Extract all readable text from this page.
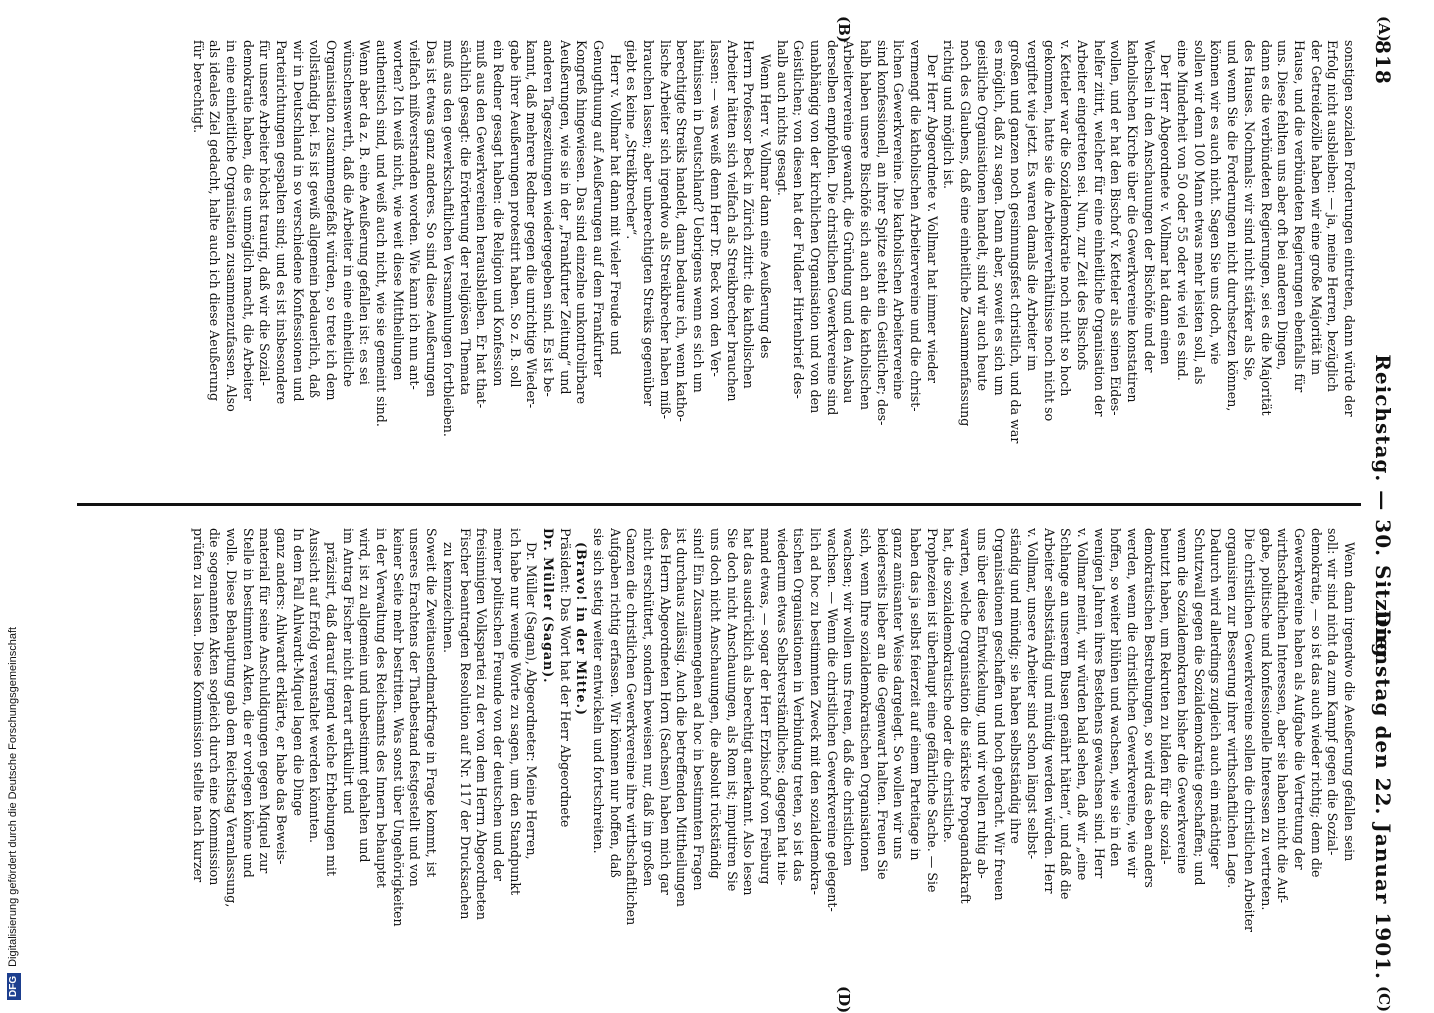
818
Reichstag. — 30. Sitzung.
Dienstag den 22. Januar 1901.
(A)
(B)
(C)
(D)
sonstigen sozialen Forderungen eintreten, dann würde der
Erfolg nicht ausbleiben: — ja, meine Herren, bezüglich
der Getreidezölle haben wir eine große Majorität im
Hause, und die verbündeten Regierungen ebenfalls für
uns. Diese fehlten uns aber oft bei anderen Dingen,
dann es die verbündeten Regierungen, sei es die Majorität
des Hauses. Nochmals: wir sind nicht stärker als Sie,
und wenn Sie die Forderungen nicht durchsetzen können,
können wir es auch nicht. Sagen Sie uns doch, wie
sollen wir denn 100 Mann etwas mehr leisten soll, als
eine Minderheit von 50 oder 55 oder wie viel es sind.
Der Herr Abgeordnete v. Vollmar hat dann einen
Wechsel in den Anschauungen der Bischöfe und der
katholischen Kirche über die Gewerkvereine konstatiren
wollen, und er hat den Bischof v. Ketteler als seinen Eides-
helfer zitirt, welcher für eine einheitliche Organisation der
Arbeiter eingetreten sei. Nun, zur Zeit des Bischofs
v. Ketteler war die Sozialdemokratie noch nicht so hoch
gekommen, hatte sie die Arbeiterverhältnisse noch nicht so
vergiftet wie jetzt. Es waren damals die Arbeiter im
großen und ganzen noch gesinnungsfest christlich, und da war
es möglich, daß zu sagen. Dann aber, soweit es sich um
geistliche Organisationen handelt, sind wir auch heute
noch des Glaubens, daß eine einheitliche Zusammenfassung
richtig und möglich ist.
Der Herr Abgeordnete v. Vollmar hat immer wieder
vermengt die katholischen Arbeitervereine und die christ-
lichen Gewerkvereine. Die katholischen Arbeitervereine
sind konfessionell, an ihrer Spitze steht ein Geistlicher; des-
halb haben unsere Bischöfe sich auch an die katholischen
Arbeitervereine gewandt, die Gründung und den Ausbau
derselben empfohlen. Die christlichen Gewerkvereine sind
unabhängig von der kirchlichen Organisation und von den
Geistlichen; von diesen hat der Fuldaer Hirtenbrief des-
halb auch nichts gesagt.
Wenn Herr v. Vollmar dann eine Aeußerung des
Herrn Professor Beck in Zürich zitirt: die katholischen
Arbeiter hätten sich vielfach als Streikbrecher brauchen
lassen: — was weiß denn Herr Dr. Beck von den Ver-
hältnissen in Deutschland? Uebrigens wenn es sich um
berechtigte Streiks handelt, dann bedaure ich, wenn katho-
lische Arbeiter sich irgendwo als Streikbrecher haben miß-
brauchen lassen; aber unberechtigten Streiks gegenüber
giebt es keine „Streikbrecher“.
Herr v. Vollmar hat dann mit vieler Freude und
Genugthuung auf Aeußerungen auf dem Frankfurter
Kongreß hingewiesen. Das sind einzelne unkontrolirbare
Aeußerungen, wie sie in der „Frankfurter Zeitung“ und
anderen Tageszeitungen wiedergegeben sind. Es ist be-
kannt, daß mehrere Redner gegen die unrichtige Wieder-
gabe ihrer Aeußerungen protestirt haben. So z. B. soll
ein Redner gesagt haben: die Religion und Konfession
muß aus den Gewerkvereinen herausbleiben. Er hat that-
sächlich gesagt: die Erörterung der religiösen Themata
muß aus den gewerkschaftlichen Versammlungen fortbleiben.
Das ist etwas ganz anderes. So sind diese Aeußerungen
vielfach mißverstanden worden. Wie kann ich nun ant-
worten? Ich weiß nicht, wie weit diese Mittheilungen
authentisch sind, und weiß auch nicht, wie sie gemeint sind.
Wenn aber da z. B. eine Aeußerung gefallen ist: es sei
wünschenswerth, daß die Arbeiter in eine einheitliche
Organisation zusammengefaßt würden, so trete ich dem
vollständig bei. Es ist gewiß allgemein bedauerlich, daß
wir in Deutschland in so verschiedene Konfessionen und
Parteirichtungen gespalten sind; und es ist insbesondere
für unsere Arbeiter höchst traurig, daß wir die Sozial-
demokratie haben, die es unmöglich macht, die Arbeiter
in eine einheitliche Organisation zusammenzufassen. Also
als ideales Ziel gedacht, halte auch ich diese Aeußerung
für berechtigt.
Wenn dann irgendwo die Aeußerung gefallen sein
soll: wir sind nicht da zum Kampf gegen die Sozial-
demokratie, — so ist das auch wieder richtig; denn die
Gewerkvereine haben als Aufgabe die Vertretung der
wirthschaftlichen Interessen, aber sie haben nicht die Auf-
gabe, politische und konfessionelle Interessen zu vertreten.
Die christlichen Gewerkvereine sollen die christlichen Arbeiter
organisiren zur Besserung ihrer wirthschaftlichen Lage.
Dadurch wird allerdings zugleich auch ein mächtiger
Schutzwall gegen die Sozialdemokratie geschaffen; und
wenn die Sozialdemokraten bisher die Gewerkvereine
benutzt haben, um Rekruten zu bilden für die sozial-
demokratischen Bestrebungen, so wird das eben anders
werden, wenn die christlichen Gewerkvereine, wie wir
hoffen, so weiter blühen und wachsen, wie sie in den
wenigen Jahren ihres Bestehens gewachsen sind. Herr
v. Vollmar meint, wir würden bald sehen, daß wir „eine
Schlange an unserem Busen genährt hätten“, und daß die
Arbeiter selbstständig und mündig werden würden. Herr
v. Vollmar, unsere Arbeiter sind schon längst selbst-
ständig und mündig; sie haben selbstständig ihre
Organisationen geschaffen und hoch gebracht. Wir freuen
uns über diese Entwickelung, und wir wollen ruhig ab-
warten, welche Organisation die stärkste Propagandakraft
hat, die sozialdemokratische oder die christliche.
Prophezeien ist überhaupt eine gefährliche Sache. — Sie
haben das ja selbst feierzeit auf einem Parteitage in
ganz amüsanter Weise dargelegt. So wollen wir uns
beiderseits lieber an die Gegenwart halten. Freuen Sie
sich, wenn Ihre sozialdemokratischen Organisationen
wachsen; wir wollen uns freuen, daß die christlichen
wachsen. — Wenn die christlichen Gewerkvereine gelegent-
lich ad hoc zu bestimmten Zweck mit den sozialdemokra-
tischen Organisationen in Verbindung treten, so ist das
wiederum etwas Selbstverständliches; dagegen hat nie-
mand etwas, — sogar der Herr Erzbischof von Freiburg
hat das ausdrücklich als berechtigt anerkannt. Also lesen
Sie doch nicht Anschauungen, als Rom ist; imputiren Sie
uns doch nicht Anschauungen, die absolut rückständig
sind! Ein Zusammengehen ad hoc in bestimmten Fragen
ist durchaus zulässig. Auch die betreffenden Mittheilungen
des Herrn Abgeordneten Horn (Sachsen) haben mich gar
nicht erschüttert, sondern beweisen nur, daß im großen
Ganzen die christlichen Gewerkvereine ihre wirthschaftlichen
Aufgaben richtig erfassen. Wir können nur hoffen, daß
sie sich stetig weiter entwickeln und fortschreiten.
(Bravo! in der Mitte.)
Präsident: Das Wort hat der Herr Abgeordnete
Dr. Müller (Sagan).
Dr. Müller (Sagan), Abgeordneter: Meine Herren,
ich habe nur wenige Worte zu sagen, um den Standpunkt
meiner politischen Freunde von der deutschen und der
freisinnigen Volkspartei zu der von dem Herrn Abgeordneten
Fischer beantragten Resolution auf Nr. 117 der Drucksachen
zu kennzeichnen.
Soweit die Zweitausendmarkfrage in Frage kommt, ist
unseres Erachtens der Thatbestand festgestellt und von
keiner Seite mehr bestritten. Was sonst über Ungehörigkeiten
in der Verwaltung des Reichsamts des Innern behauptet
wird, ist zu allgemein und unbestimmt gehalten und
im Antrag Fischer nicht derart artikulirt und
präzisirt, daß darauf irgend welche Erhebungen mit
Aussicht auf Erfolg veranstaltet werden könnten.
In dem Fall Ahlwardt-Miquel lagen die Dinge
ganz anders: Ahlwardt erklärte, er habe das Beweis-
material für seine Anschuldigungen gegen Miquel zur
Stelle in bestimmten Akten, die er vorlegen könne und
wolle. Diese Behauptung gab dem Reichstag Veranlassung,
die sogenannten Akten sogleich durch eine Kommission
prüfen zu lassen. Diese Kommission stellte nach kurzer
DFGDigitalisierung gefördert durch die Deutsche Forschungsgemeinschaft
